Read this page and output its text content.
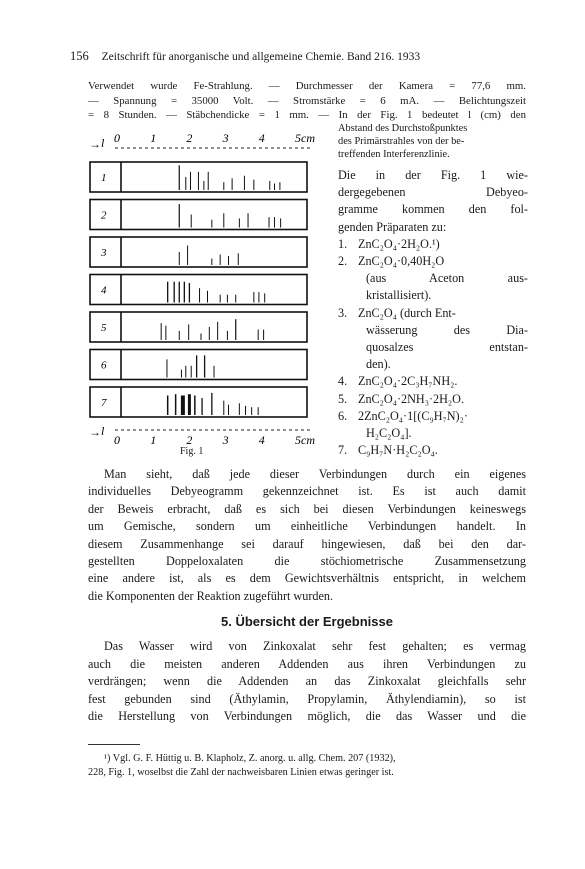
156 Zeitschrift für anorganische und allgemeine Chemie. Band 216. 1933
Verwendet wurde Fe-Strahlung. — Durchmesser der Kamera = 77,6 mm.
— Spannung = 35000 Volt. — Stromstärke = 6 mA. — Belichtungszeit
= 8 Stunden. — Stäbchendicke = 1 mm. — In der Fig. 1 bedeutet l (cm) den
Abstand des Durchstoßpunktes
des Primärstrahles von der be-
treffenden Interferenzlinie.
→ l 0	1	2	3	4	5cm
1
2
3
4
5
6
7
→ l
0	1	2	3	4	5cm
Fig. 1
Die in der Fig. 1 wie-
dergegebenen Debyeo-
gramme kommen den fol-
genden Präparaten zu:
1. ZnC₂O₄·2H₂O.¹)
2. ZnC₂O₄·0,40H₂O
(aus Aceton aus-
kristallisiert).
3. ZnC₂O₄ (durch Ent-
wässerung des Dia-
quosalzes entstan-
den).
4. ZnC₂O₄·2C₃H₇NH₂.
5. ZnC₂O₄·2NH₃·2H₂O.
6. 2ZnC₂O₄·1[(C₉H₇N)₂·
H₂C₂O₄].
7. C₉H₇N·H₂C₂O₄.
Man sieht, daß jede dieser Verbindungen durch ein eigenes
individuelles Debyeogramm gekennzeichnet ist. Es ist auch damit
der Beweis erbracht, daß es sich bei diesen Verbindungen keineswegs
um Gemische, sondern um einheitliche Verbindungen handelt. In
diesem Zusammenhange sei darauf hingewiesen, daß bei den dar-
gestellten Doppeloxalaten die stöchiometrische Zusammensetzung
eine andere ist, als es dem Gewichtsverhältnis entspricht, in welchem
die Komponenten der Reaktion zugeführt wurden.
5. Übersicht der Ergebnisse
Das Wasser wird von Zinkoxalat sehr fest gehalten; es vermag
auch die meisten anderen Addenden aus ihren Verbindungen zu
verdrängen; wenn die Addenden an das Zinkoxalat gleichfalls sehr
fest gebunden sind (Äthylamin, Propylamin, Äthylendiamin), so ist
die Herstellung von Verbindungen möglich, die das Wasser und die
¹) Vgl. G. F. Hüttig u. B. Klapholz, Z. anorg. u. allg. Chem. 207 (1932),
228, Fig. 1, woselbst die Zahl der nachweisbaren Linien etwas geringer ist.
